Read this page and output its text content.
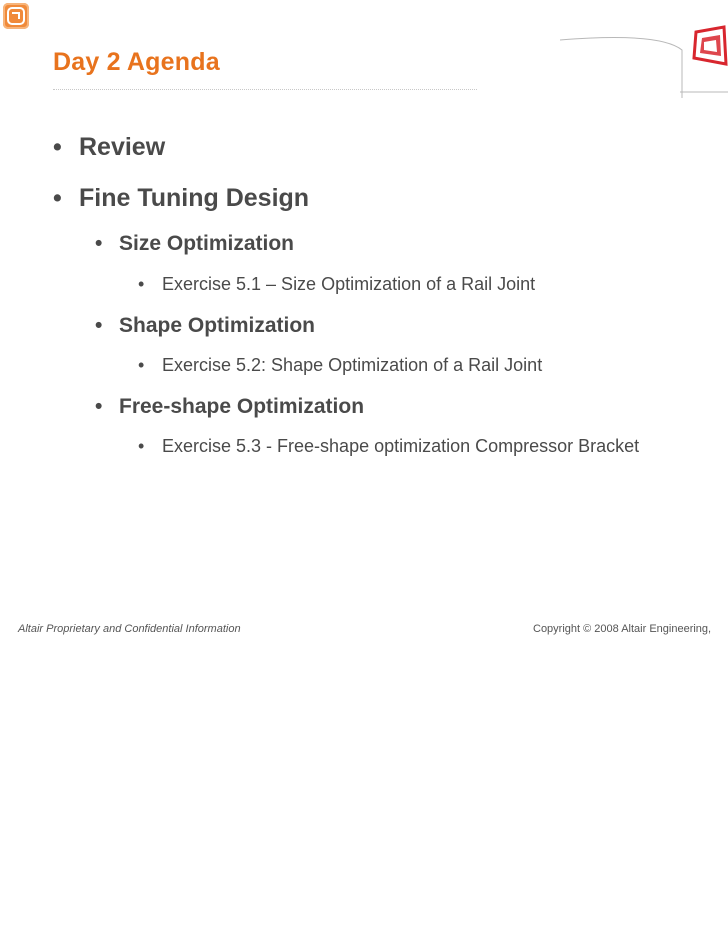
Day 2 Agenda
• Review
• Fine Tuning Design
• Size Optimization
• Exercise 5.1 – Size Optimization of a Rail Joint
• Shape Optimization
• Exercise 5.2: Shape Optimization of a Rail Joint
• Free-shape Optimization
• Exercise 5.3 - Free-shape optimization Compressor Bracket
Altair Proprietary and Confidential Information	Copyright © 2008 Altair Engineering,
